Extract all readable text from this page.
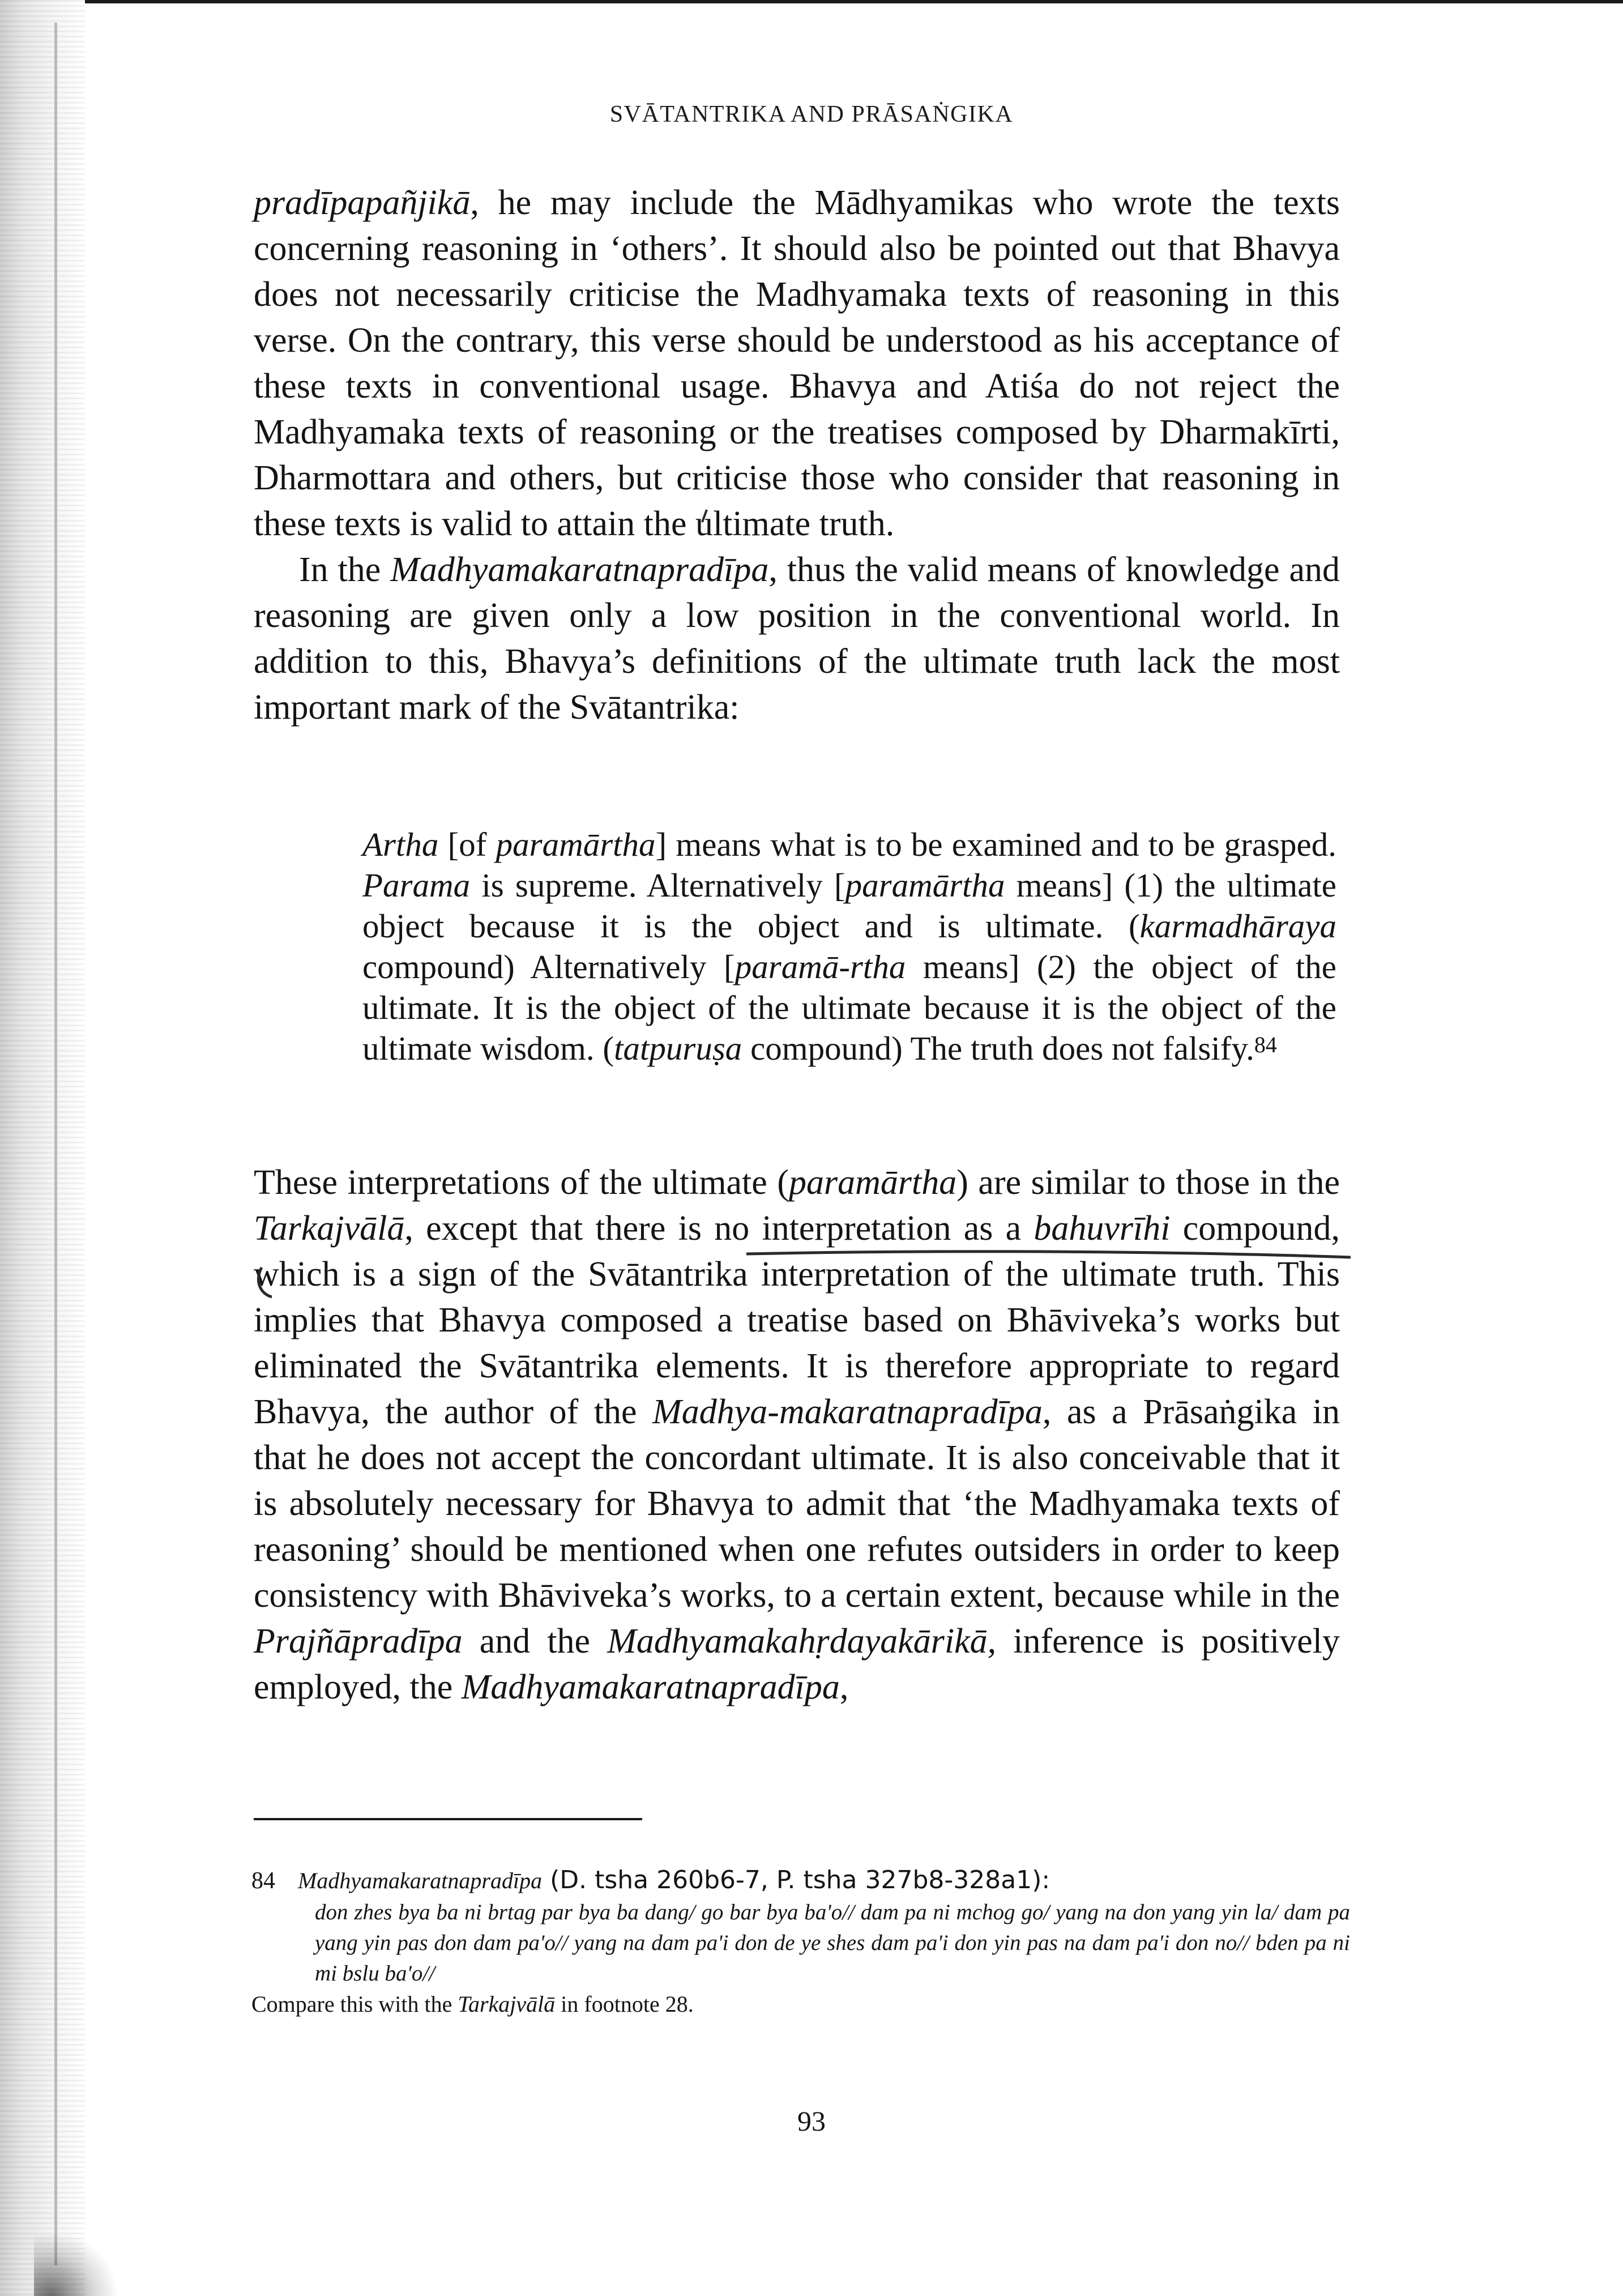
SVĀTANTRIKA AND PRĀSAṄGIKA

pradīpapañjikā, he may include the Mādhyamikas who wrote the texts concerning reasoning in ‘others’. It should also be pointed out that Bhavya does not necessarily criticise the Madhyamaka texts of reasoning in this verse. On the contrary, this verse should be understood as his acceptance of these texts in conventional usage. Bhavya and Atiśa do not reject the Madhyamaka texts of reasoning or the treatises composed by Dharmakīrti, Dharmottara and others, but criticise those who consider that reasoning in these texts is valid to attain the ultimate truth.

In the Madhyamakaratnapradīpa, thus the valid means of knowledge and reasoning are given only a low position in the conventional world. In addition to this, Bhavya’s definitions of the ultimate truth lack the most important mark of the Svātantrika:

Artha [of paramārtha] means what is to be examined and to be grasped. Parama is supreme. Alternatively [paramārtha means] (1) the ultimate object because it is the object and is ultimate. (karmadhāraya compound) Alternatively [paramā-rtha means] (2) the object of the ultimate. It is the object of the ultimate because it is the object of the ultimate wisdom. (tatpuruṣa compound) The truth does not falsify.$^{84}$

These interpretations of the ultimate (paramārtha) are similar to those in the Tarkajvālā, except that there is no interpretation as a bahuvrīhi compound, which is a sign of the Svātantrika interpretation of the ultimate truth. This implies that Bhavya composed a treatise based on Bhāviveka’s works but eliminated the Svātantrika elements. It is therefore appropriate to regard Bhavya, the author of the Madhya-makaratnapradīpa, as a Prāsaṅgika in that he does not accept the concordant ultimate. It is also conceivable that it is absolutely necessary for Bhavya to admit that ‘the Madhyamaka texts of reasoning’ should be mentioned when one refutes outsiders in order to keep consistency with Bhāviveka’s works, to a certain extent, because while in the Prajñāpradīpa and the Madhyamakahṛdayakārikā, inference is positively employed, the Madhyamakaratnapradīpa,

84 Madhyamakaratnapradīpa (D. tsha 260b6-7, P. tsha 327b8-328a1):
don zhes bya ba ni brtag par bya ba dang/ go bar bya ba'o// dam pa ni mchog go/ yang na don yang yin la/ dam pa yang yin pas don dam pa'o// yang na dam pa'i don de ye shes dam pa'i don yin pas na dam pa'i don no// bden pa ni mi bslu ba'o//
Compare this with the Tarkajvālā in footnote 28.
93
